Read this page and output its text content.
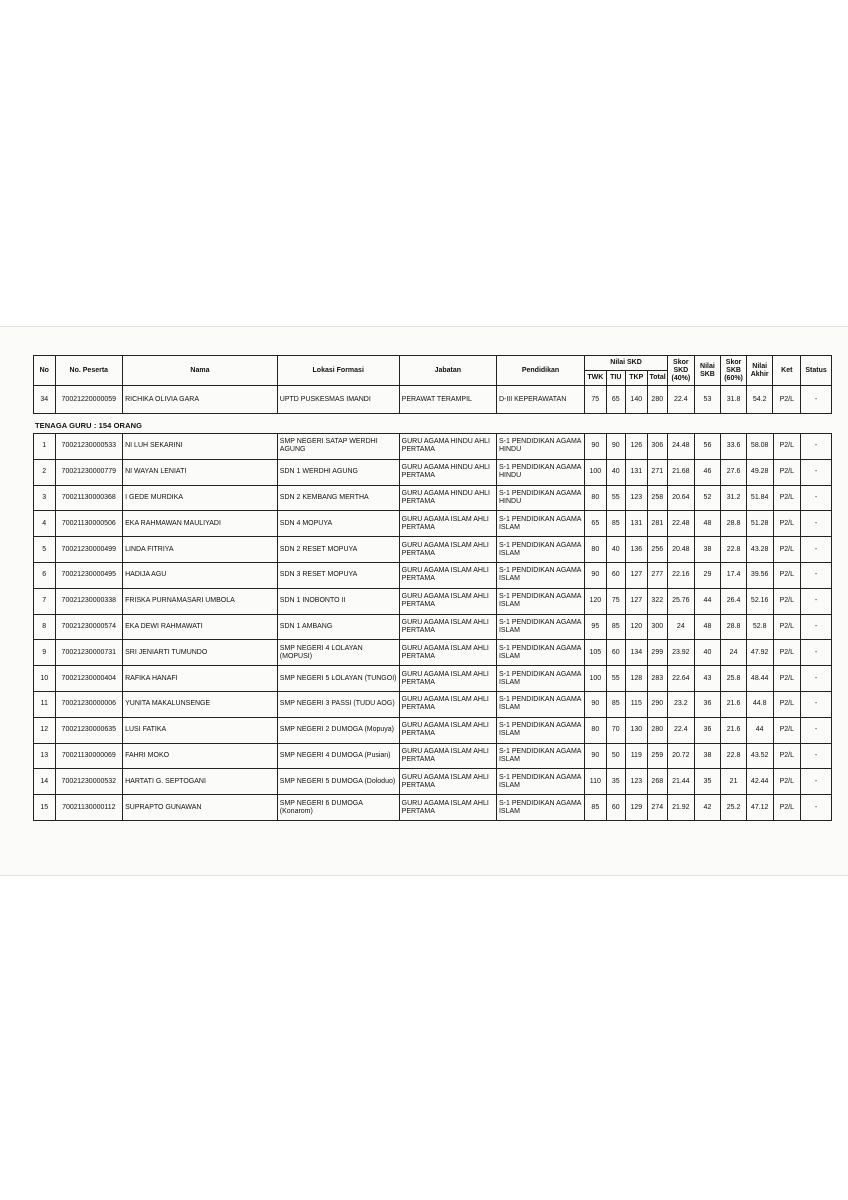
No	No. Peserta	Nama	Lokasi Formasi	Jabatan	Pendidikan	Nilai SKD				Skor SKD (40%)	Nilai SKB	Skor SKB (60%)	Nilai Akhir	Ket	Status
						TWK	TIU	TKP	Total						
34	70021220000059	RICHIKA OLIVIA GARA	UPTD PUSKESMAS IMANDI	PERAWAT TERAMPIL	D-III KEPERAWATAN	75	65	140	280	22.4	53	31.8	54.2	P2/L	-
TENAGA GURU : 154 ORANG
1	70021230000533	NI LUH SEKARINI	SMP NEGERI SATAP WERDHI AGUNG	GURU AGAMA HINDU AHLI PERTAMA	S-1 PENDIDIKAN AGAMA HINDU	90	90	126	306	24.48	56	33.6	58.08	P2/L	-
2	70021230000779	NI WAYAN LENIATI	SDN 1 WERDHI AGUNG	GURU AGAMA HINDU AHLI PERTAMA	S-1 PENDIDIKAN AGAMA HINDU	100	40	131	271	21.68	46	27.6	49.28	P2/L	-
3	70021130000368	I GEDE MURDIKA	SDN 2 KEMBANG MERTHA	GURU AGAMA HINDU AHLI PERTAMA	S-1 PENDIDIKAN AGAMA HINDU	80	55	123	258	20.64	52	31.2	51.84	P2/L	-
4	70021130000506	EKA RAHMAWAN MAULIYADI	SDN 4 MOPUYA	GURU AGAMA ISLAM AHLI PERTAMA	S-1 PENDIDIKAN AGAMA ISLAM	65	85	131	281	22.48	48	28.8	51.28	P2/L	-
5	70021230000499	LINDA FITRIYA	SDN 2 RESET MOPUYA	GURU AGAMA ISLAM AHLI PERTAMA	S-1 PENDIDIKAN AGAMA ISLAM	80	40	136	256	20.48	38	22.8	43.28	P2/L	-
6	70021230000495	HADIJA AGU	SDN 3 RESET MOPUYA	GURU AGAMA ISLAM AHLI PERTAMA	S-1 PENDIDIKAN AGAMA ISLAM	90	60	127	277	22.16	29	17.4	39.56	P2/L	-
7	70021230000338	FRISKA PURNAMASARI UMBOLA	SDN 1 INOBONTO II	GURU AGAMA ISLAM AHLI PERTAMA	S-1 PENDIDIKAN AGAMA ISLAM	120	75	127	322	25.76	44	26.4	52.16	P2/L	-
8	70021230000574	EKA DEWI RAHMAWATI	SDN 1 AMBANG	GURU AGAMA ISLAM AHLI PERTAMA	S-1 PENDIDIKAN AGAMA ISLAM	95	85	120	300	24	48	28.8	52.8	P2/L	-
9	70021230000731	SRI JENIARTI TUMUNDO	SMP NEGERI 4 LOLAYAN (MOPUSI)	GURU AGAMA ISLAM AHLI PERTAMA	S-1 PENDIDIKAN AGAMA ISLAM	105	60	134	299	23.92	40	24	47.92	P2/L	-
10	70021230000404	RAFIKA HANAFI	SMP NEGERI 5 LOLAYAN (TUNGOI)	GURU AGAMA ISLAM AHLI PERTAMA	S-1 PENDIDIKAN AGAMA ISLAM	100	55	128	283	22.64	43	25.8	48.44	P2/L	-
11	70021230000006	YUNITA MAKALUNSENGE	SMP NEGERI 3 PASSI (TUDU AOG)	GURU AGAMA ISLAM AHLI PERTAMA	S-1 PENDIDIKAN AGAMA ISLAM	90	85	115	290	23.2	36	21.6	44.8	P2/L	-
12	70021230000635	LUSI FATIKA	SMP NEGERI 2 DUMOGA (Mopuya)	GURU AGAMA ISLAM AHLI PERTAMA	S-1 PENDIDIKAN AGAMA ISLAM	80	70	130	280	22.4	36	21.6	44	P2/L	-
13	70021130000069	FAHRI MOKO	SMP NEGERI 4 DUMOGA (Pusian)	GURU AGAMA ISLAM AHLI PERTAMA	S-1 PENDIDIKAN AGAMA ISLAM	90	50	119	259	20.72	38	22.8	43.52	P2/L	-
14	70021230000532	HARTATI G. SEPTOGANI	SMP NEGERI 5 DUMOGA (Doloduo)	GURU AGAMA ISLAM AHLI PERTAMA	S-1 PENDIDIKAN AGAMA ISLAM	110	35	123	268	21.44	35	21	42.44	P2/L	-
15	70021130000112	SUPRAPTO GUNAWAN	SMP NEGERI 6 DUMOGA (Konarom)	GURU AGAMA ISLAM AHLI PERTAMA	S-1 PENDIDIKAN AGAMA ISLAM	85	60	129	274	21.92	42	25.2	47.12	P2/L	-
